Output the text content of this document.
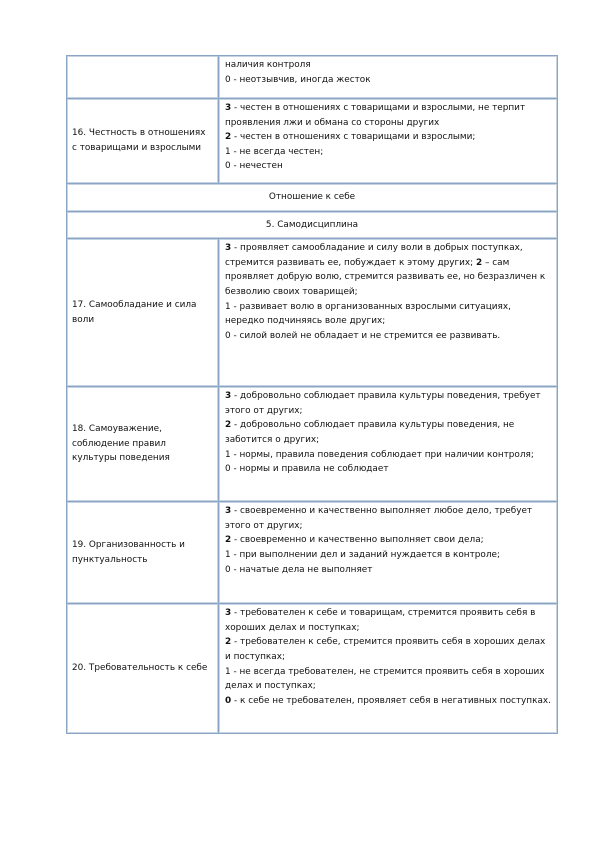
	наличия контроля
0 - неотзывчив, иногда жесток

16. Честность в отношениях с товарищами и взрослыми	3 - честен в отношениях с товарищами и взрослыми, не терпит проявления лжи и обмана со стороны других
2 - честен в отношениях с товарищами и взрослыми;
1 - не всегда честен;
0 - нечестен

Отношение к себе	
5. Самодисциплина	
17. Самообладание и сила воли	3 - проявляет самообладание и силу воли в добрых поступках, стремится развивать ее, побуждает к этому других; 2 – сам проявляет добрую волю, стремится развивать ее, но безразличен к безволию своих товарищей;
1 - развивает волю в организованных взрослыми ситуациях, нередко подчиняясь воле других;
0 - силой волей не обладает и не стремится ее развивать.

18. Самоуважение, соблюдение правил культуры поведения	3 - добровольно соблюдает правила культуры поведения, требует этого от других;
2 - добровольно соблюдает правила культуры поведения, не заботится о других;
1 - нормы, правила поведения соблюдает при наличии контроля;
0 - нормы и правила не соблюдает

19. Организованность и пунктуальность	3 - своевременно и качественно выполняет любое дело, требует этого от других;
2 - своевременно и качественно выполняет свои дела;
1 - при выполнении дел и заданий нуждается в контроле;
0 - начатые дела не выполняет

20. Требовательность к себе	3 - требователен к себе и товарищам, стремится проявить себя в хороших делах и поступках;
2 - требователен к себе, стремится проявить себя в хороших делах и поступках;
1 - не всегда требователен, не стремится проявить себя в хороших делах и поступках;
0 - к себе не требователен, проявляет себя в негативных поступках.
